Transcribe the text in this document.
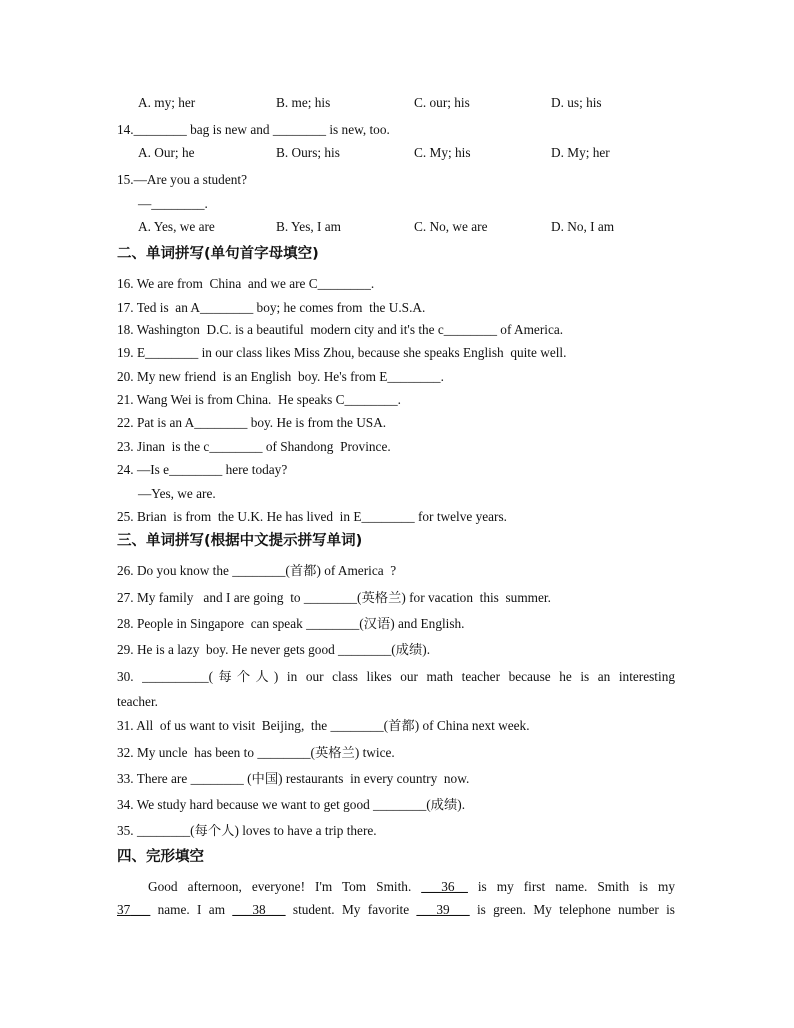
A. my; her	B. me; his	C. our; his	D. us; his
14.________ bag is new and ________ is new, too.
A. Our; he	B. Ours; his	C. My; his	D. My; her
15.—Are you a student?
—________.
A. Yes, we are	B. Yes, I am	C. No, we are	D. No, I am
二、单词拼写(单句首字母填空)
16. We are from  China  and we are C________.
17. Ted is  an A________ boy; he comes from  the U.S.A.
18. Washington  D.C. is a beautiful  modern city and it's the c________ of America.
19. E________ in our class likes Miss Zhou, because she speaks English  quite well.
20. My new friend  is an English  boy. He's from E________.
21. Wang Wei is from China.  He speaks C________.
22. Pat is an A________ boy. He is from the USA.
23. Jinan  is the c________ of Shandong  Province.
24. —Is e________ here today?
—Yes, we are.
25. Brian  is from  the U.K. He has lived  in E________ for twelve years.
三、单词拼写(根据中文提示拼写单词)
26. Do you know the ________(首都) of America  ?
27. My family   and I are going  to ________(英格兰) for vacation  this  summer.
28. People in Singapore  can speak ________(汉语) and English.
29. He is a lazy  boy. He never gets good ________(成绩).
30. __________(每个人) in our class likes our math teacher because he is an interesting
teacher.
31. All  of us want to visit  Beijing,  the ________(首都) of China next week.
32. My uncle  has been to ________(英格兰) twice.
33. There are ________ (中国) restaurants  in every country  now.
34. We study hard because we want to get good ________(成绩).
35. ________(每个人) loves to have a trip there.
四、完形填空
Good afternoon, everyone! I'm Tom Smith. ___36__ is my first name. Smith is my
37___ name. I am ___38___ student. My favorite ___39___ is green. My telephone number is
